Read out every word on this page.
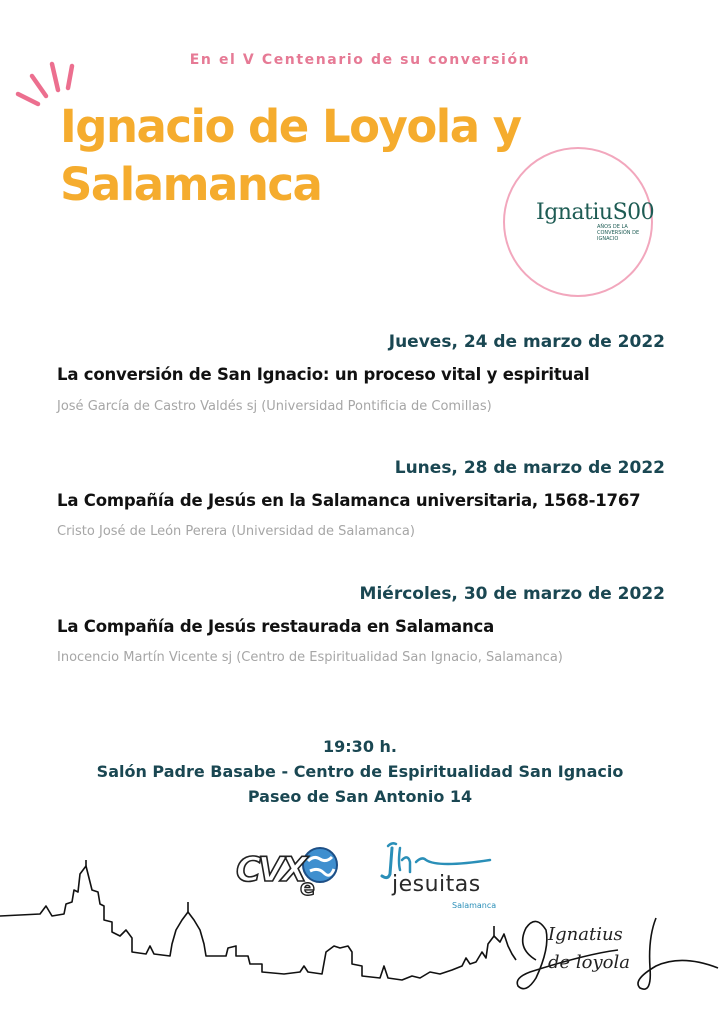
En el V Centenario de su conversión
Ignacio de Loyola y
Salamanca
IgnatiuS00
AÑOS DE LA CONVERSIÓN DE IGNACIO
Jueves, 24 de marzo de 2022
La conversión de San Ignacio: un proceso vital y espiritual
José García de Castro Valdés sj (Universidad Pontificia de Comillas)
Lunes, 28 de marzo de 2022
La Compañía de Jesús en la Salamanca universitaria, 1568-1767
Cristo José de León Perera (Universidad de Salamanca)
Miércoles, 30 de marzo de 2022
La Compañía de Jesús restaurada en Salamanca
Inocencio Martín Vicente sj (Centro de Espiritualidad San Ignacio, Salamanca)
19:30 h.
Salón Padre Basabe - Centro de Espiritualidad San Ignacio
Paseo de San Antonio 14
CVX
e	jesuitas
Salamanca
Ignatius
de loyola
